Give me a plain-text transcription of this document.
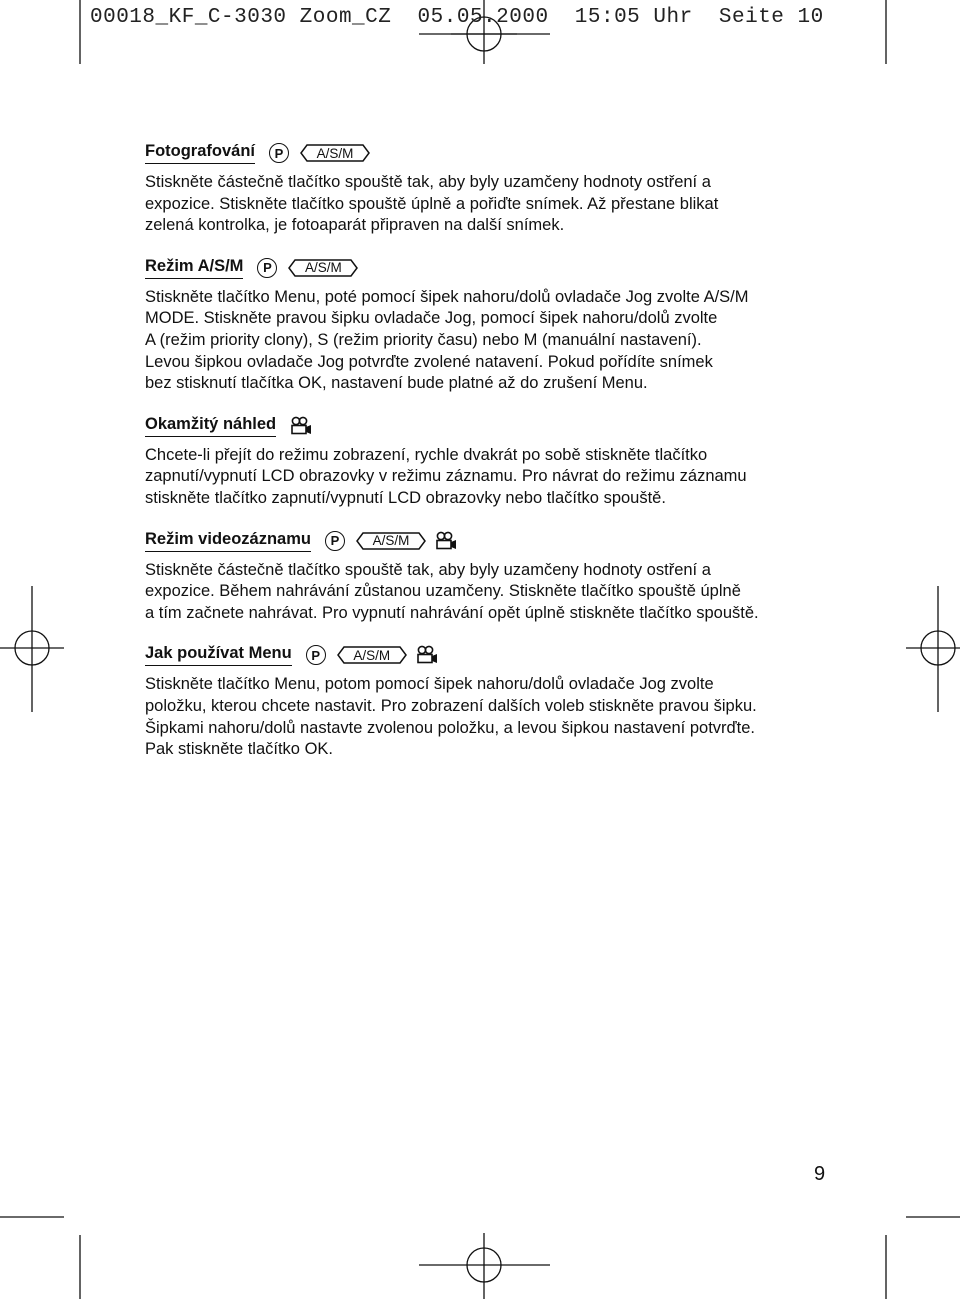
00018_KF_C-3030 Zoom_CZ  05.05.2000  15:05 Uhr  Seite 10
Fotografování	P	A/S/M

Stiskněte částečně tlačítko spouště tak, aby byly uzamčeny hodnoty ostření a
expozice. Stiskněte tlačítko spouště úplně a pořiďte snímek. Až přestane blikat
zelená kontrolka, je fotoaparát připraven na další snímek.

Režim A/S/M	P	A/S/M

Stiskněte tlačítko Menu, poté pomocí šipek nahoru/dolů ovladače Jog zvolte A/S/M
MODE. Stiskněte pravou šipku ovladače Jog, pomocí šipek nahoru/dolů zvolte
A (režim priority clony), S (režim priority času) nebo M (manuální nastavení).
Levou šipkou ovladače Jog potvrďte zvolené natavení. Pokud pořídíte snímek
bez stisknutí tlačítka OK, nastavení bude platné až do zrušení Menu.

Okamžitý náhled

Chcete-li přejít do režimu zobrazení, rychle dvakrát po sobě stiskněte tlačítko
zapnutí/vypnutí LCD obrazovky v režimu záznamu. Pro návrat do režimu záznamu
stiskněte tlačítko zapnutí/vypnutí LCD obrazovky nebo tlačítko spouště.

Režim videozáznamu	P	A/S/M

Stiskněte částečně tlačítko spouště tak, aby byly uzamčeny hodnoty ostření a
expozice. Během nahrávání zůstanou uzamčeny. Stiskněte tlačítko spouště úplně
a tím začnete nahrávat. Pro vypnutí nahrávání opět úplně stiskněte tlačítko spouště.

Jak používat Menu	P	A/S/M

Stiskněte tlačítko Menu, potom pomocí šipek nahoru/dolů ovladače Jog zvolte
položku, kterou chcete nastavit. Pro zobrazení dalších voleb stiskněte pravou šipku.
Šipkami nahoru/dolů nastavte zvolenou položku, a levou šipkou nastavení potvrďte.
Pak stiskněte tlačítko OK.

9
